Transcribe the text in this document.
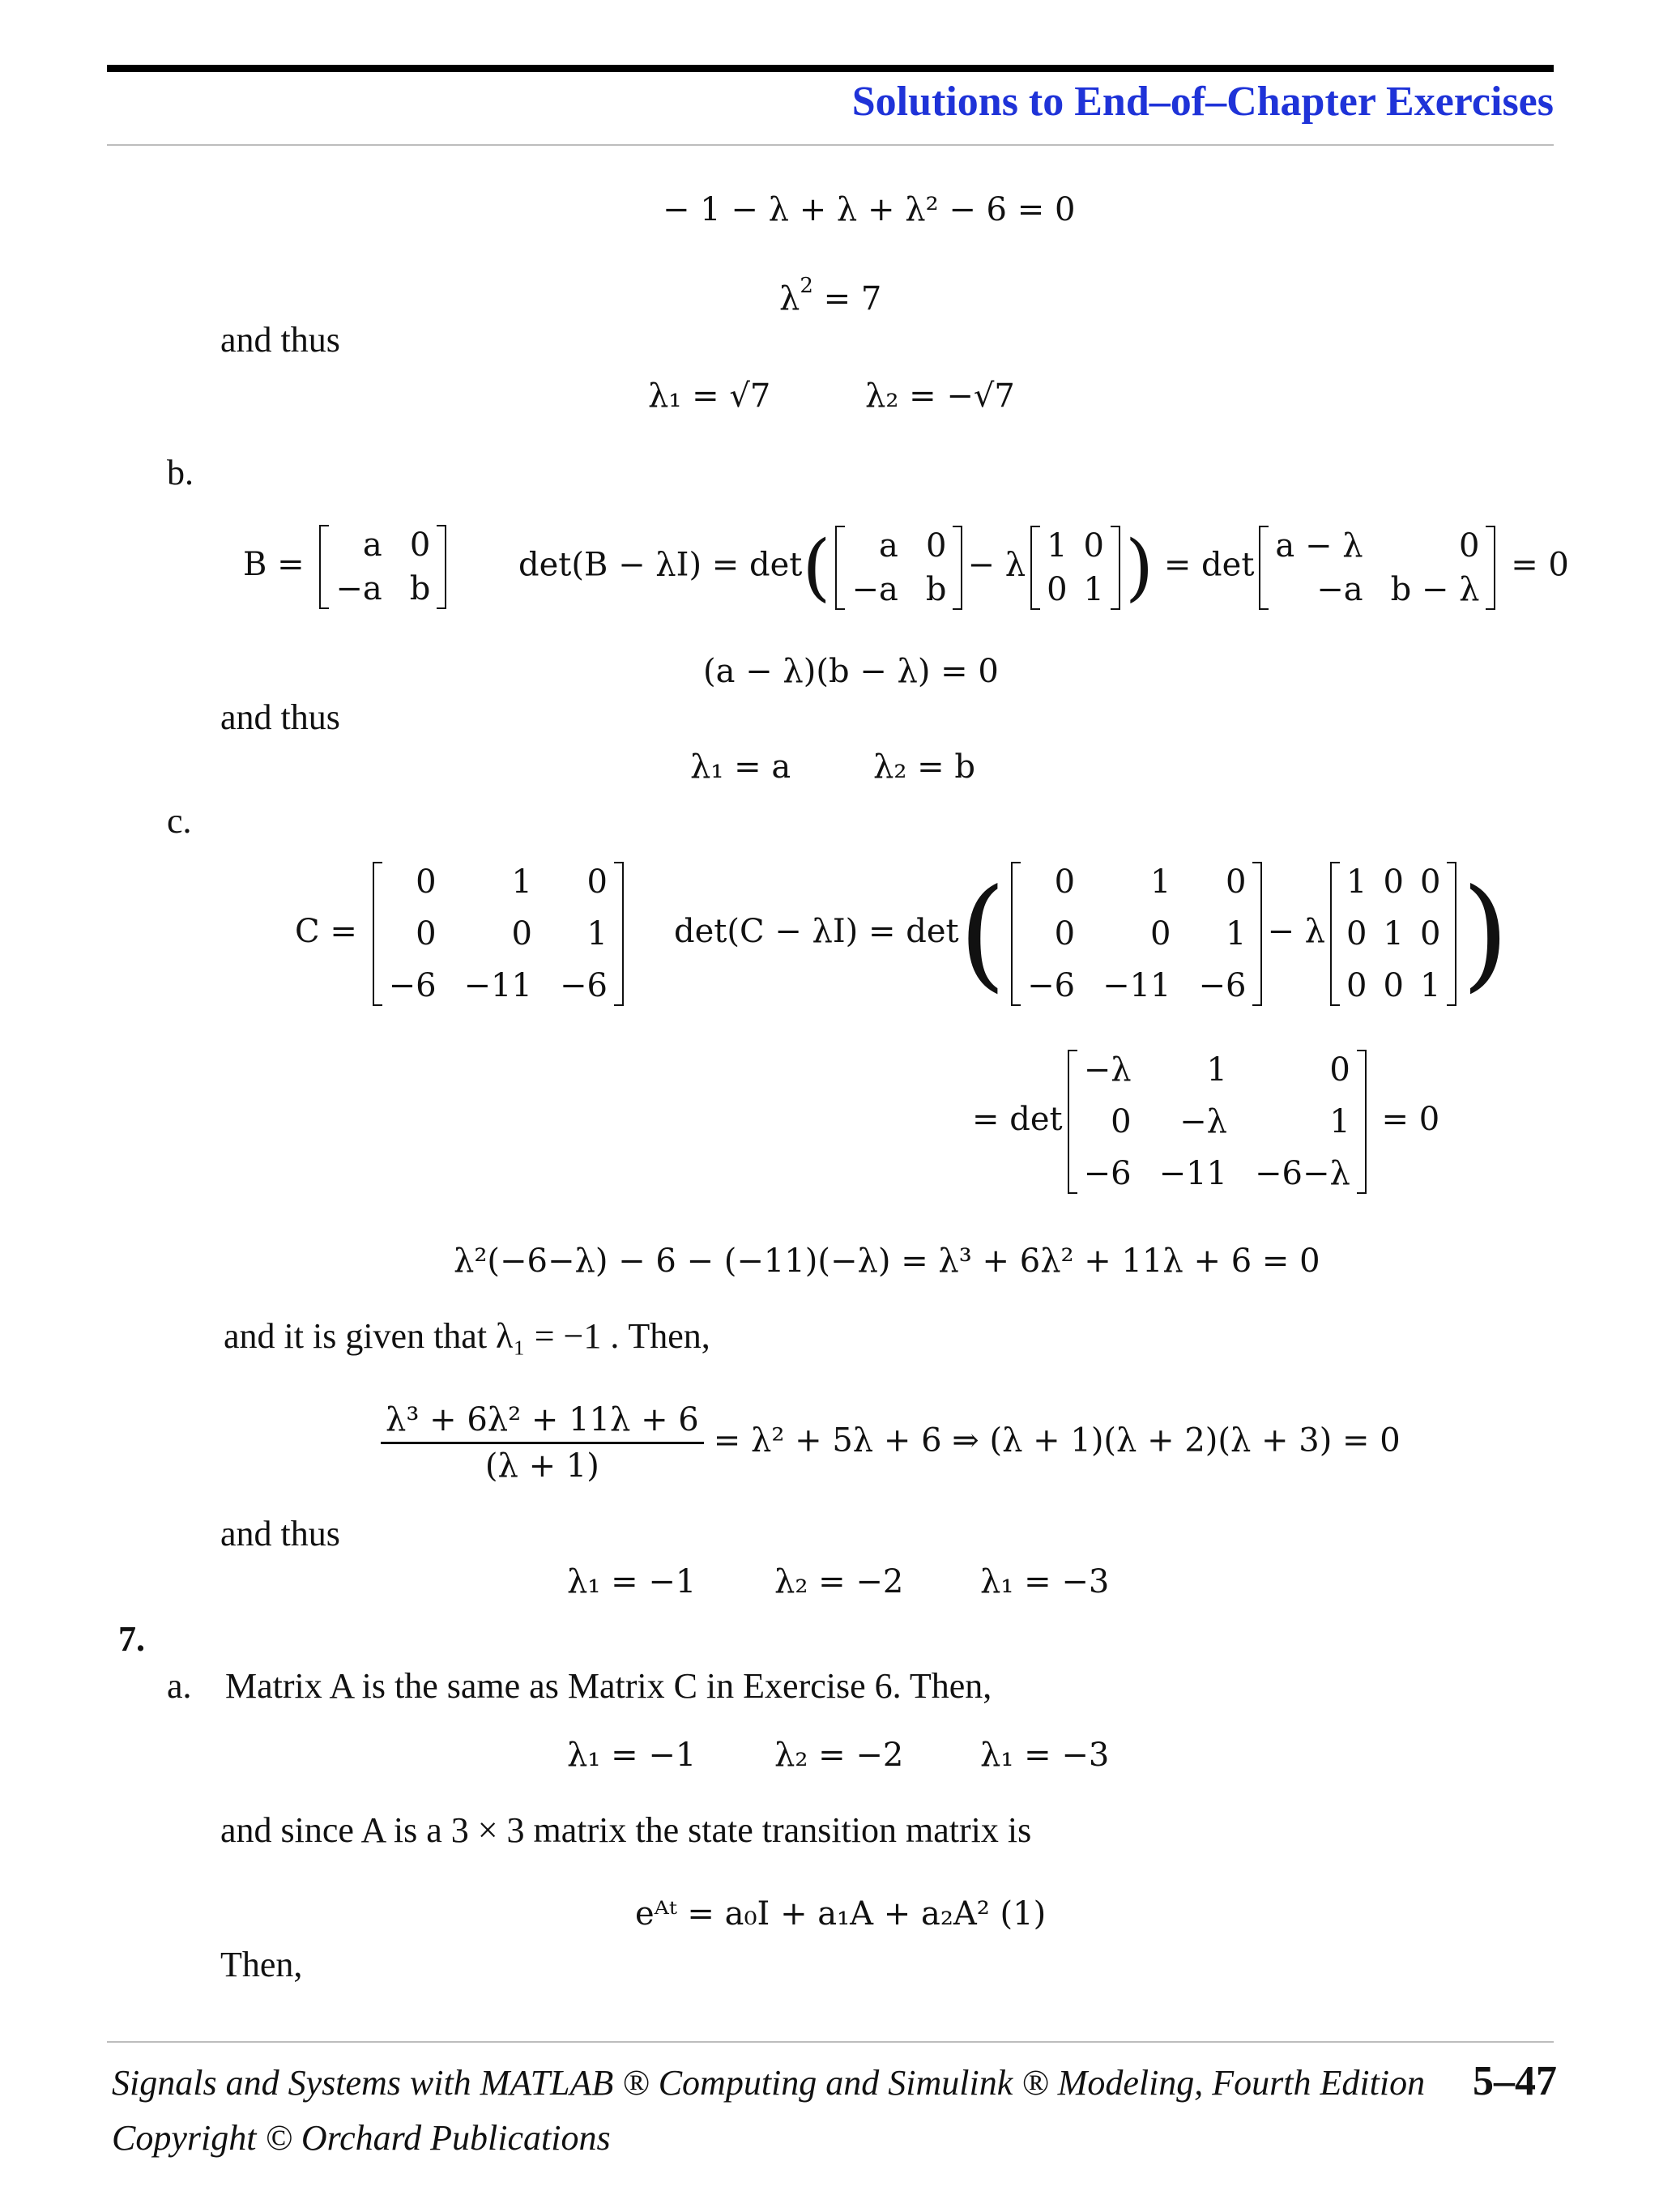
Solutions to End–of–Chapter Exercises
− 1 − λ + λ + λ² − 6 = 0
$\lambda^2 = 7$
and thus
λ₁ = √7	λ₂ = −√7
b.
B =
a 0
−a b
det(B − λI) = det(	a 0
−a b
− λ
1 0
0 1 ) = det
a − λ	0
−a b − λ
= 0
(a − λ)(b − λ) = 0
and thus
λ₁ = a	λ₂ = b
c.
C =
0	1	0
0	0	1
−6 −11 −6
det(C − λI) = det(	0	1	0
0	0	1
−6 −11 −6
− λ
1 0 0
0 1 0
0 0 1 )
= det
−λ	1	0
0	−λ	1
−6 −11 −6−λ
= 0
λ²(−6−λ) − 6 − (−11)(−λ) = λ³ + 6λ² + 11λ + 6 = 0
and it is given that λ₁ = −1 . Then,
$\frac{\text{λ³ + 6λ² + 11λ + 6}}{(\lambda + 1)} = \lambda^2 + 5\lambda + 6$ ⇒ (λ + 1)(λ + 2)(λ + 3) = 0
and thus
λ₁ = −1 λ₂ = −2 λ₁ = −3
7.
a. Matrix A is the same as Matrix C in Exercise 6. Then,
λ₁ = −1 λ₂ = −2 λ₁ = −3
and since A is a 3 × 3 matrix the state transition matrix is
eᴬᵗ = a₀I + a₁A + a₂A² (1)
Then,
Signals and Systems with MATLAB ® Computing and Simulink ® Modeling, Fourth Edition 5–47
Copyright © Orchard Publications
